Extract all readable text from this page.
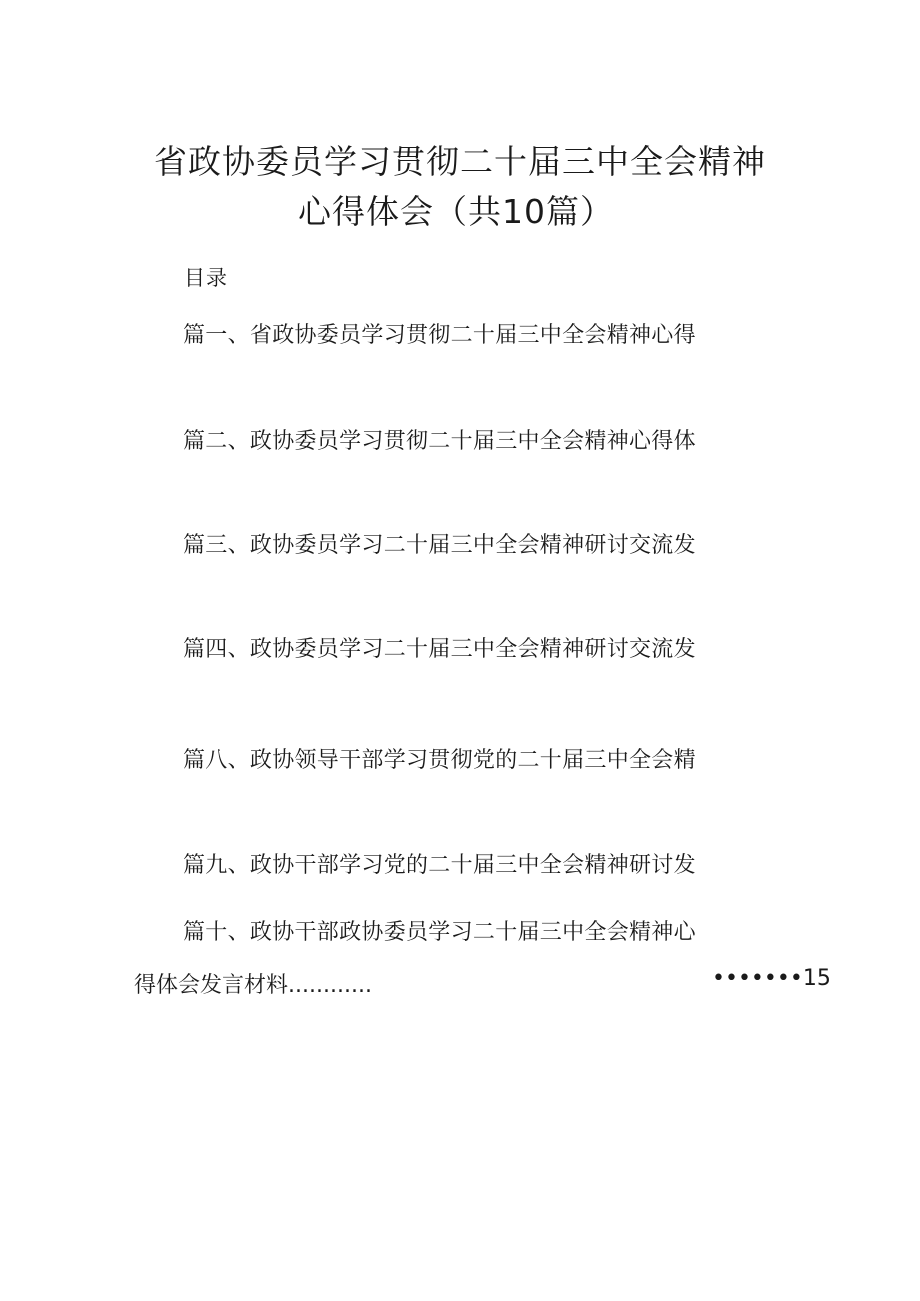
省政协委员学习贯彻二十届三中全会精神
心得体会（共10篇）
目录
篇一、省政协委员学习贯彻二十届三中全会精神心得
篇二、政协委员学习贯彻二十届三中全会精神心得体
篇三、政协委员学习二十届三中全会精神研讨交流发
篇四、政协委员学习二十届三中全会精神研讨交流发
篇八、政协领导干部学习贯彻党的二十届三中全会精
篇九、政协干部学习党的二十届三中全会精神研讨发
篇十、政协干部政协委员学习二十届三中全会精神心
得体会发言材料............	•••••••15
